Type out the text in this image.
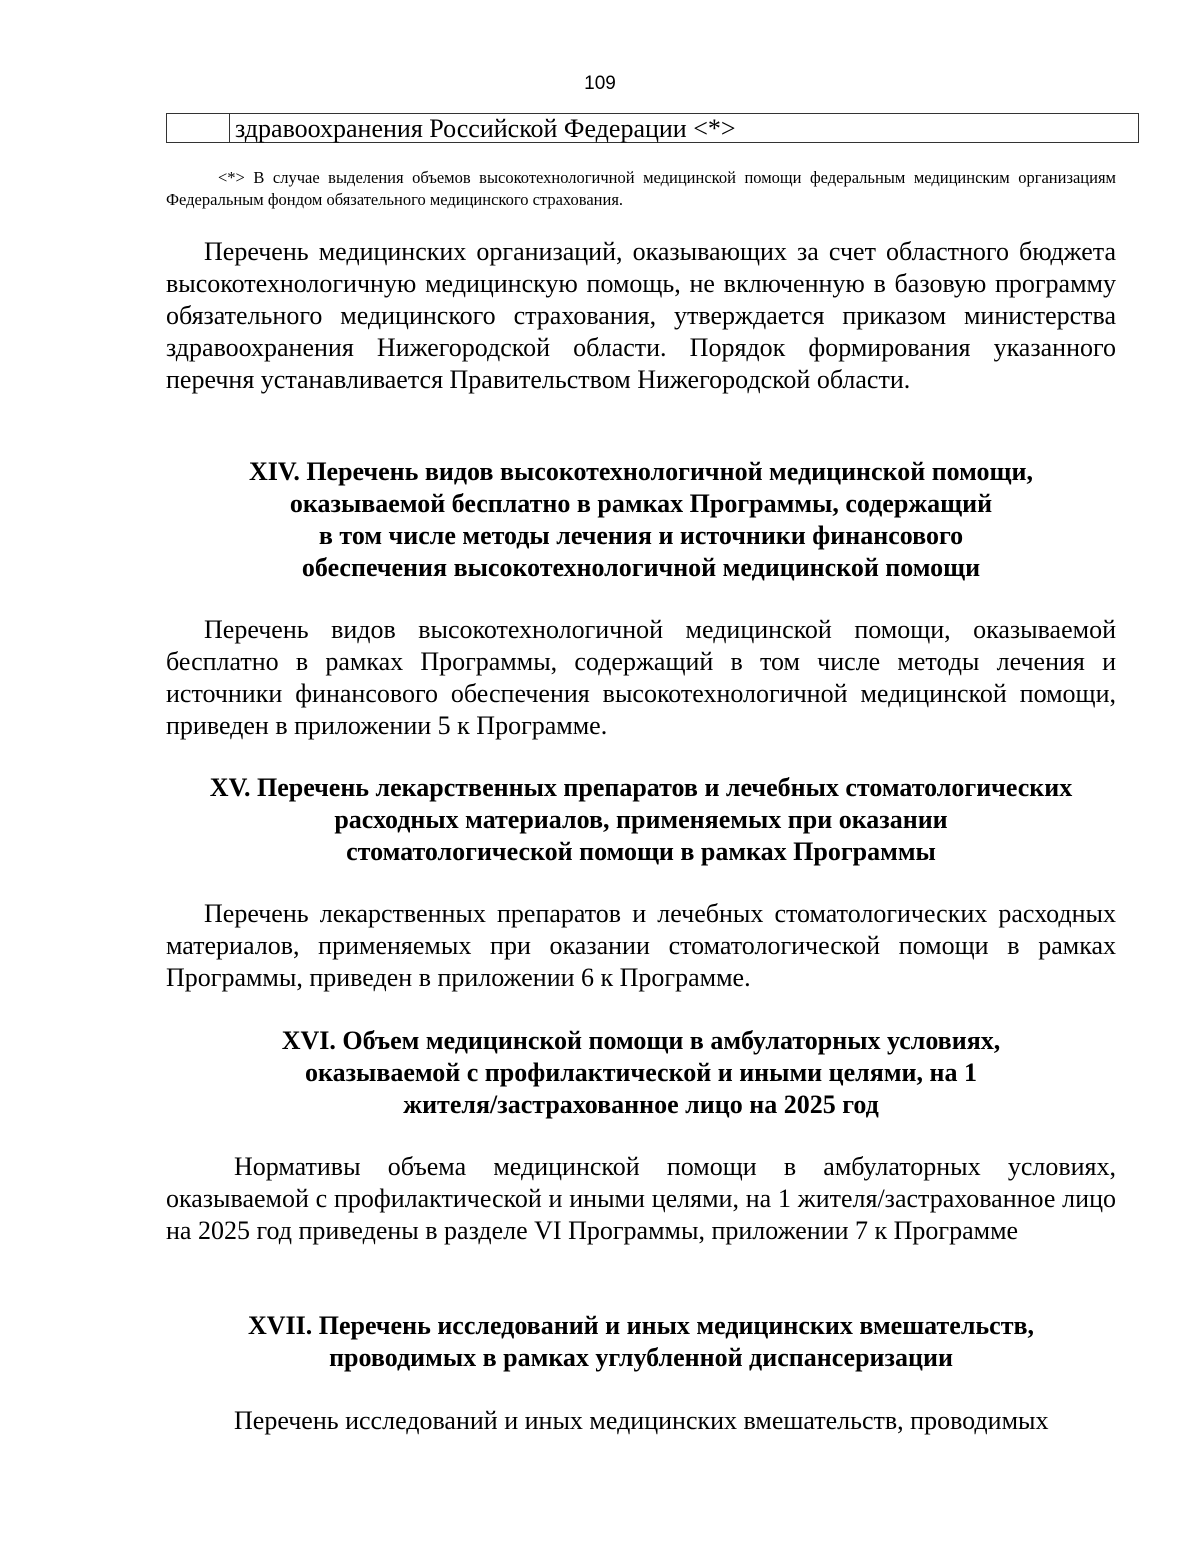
109
здравоохранения Российской Федерации <*>
<*> В случае выделения объемов высокотехнологичной медицинской помощи федеральным медицинским организациям Федеральным фондом обязательного медицинского страхования.
Перечень медицинских организаций, оказывающих за счет областного бюджета высокотехнологичную медицинскую помощь, не включенную в базовую программу обязательного медицинского страхования, утверждается приказом министерства здравоохранения Нижегородской области. Порядок формирования указанного перечня устанавливается Правительством Нижегородской области.
XIV. Перечень видов высокотехнологичной медицинской помощи,
оказываемой бесплатно в рамках Программы, содержащий
в том числе методы лечения и источники финансового
обеспечения высокотехнологичной медицинской помощи
Перечень видов высокотехнологичной медицинской помощи, оказываемой бесплатно в рамках Программы, содержащий в том числе методы лечения и источники финансового обеспечения высокотехнологичной медицинской помощи, приведен в приложении 5 к Программе.
XV. Перечень лекарственных препаратов и лечебных стоматологических
расходных материалов, применяемых при оказании
стоматологической помощи в рамках Программы
Перечень лекарственных препаратов и лечебных стоматологических расходных материалов, применяемых при оказании стоматологической помощи в рамках Программы, приведен в приложении 6 к Программе.
XVI. Объем медицинской помощи в амбулаторных условиях,
оказываемой с профилактической и иными целями, на 1
жителя/застрахованное лицо на 2025 год
Нормативы объема медицинской помощи в амбулаторных условиях, оказываемой с профилактической и иными целями, на 1 жителя/застрахованное лицо на 2025 год приведены в разделе VI Программы, приложении 7 к Программе
XVII. Перечень исследований и иных медицинских вмешательств,
проводимых в рамках углубленной диспансеризации
Перечень исследований и иных медицинских вмешательств, проводимых
